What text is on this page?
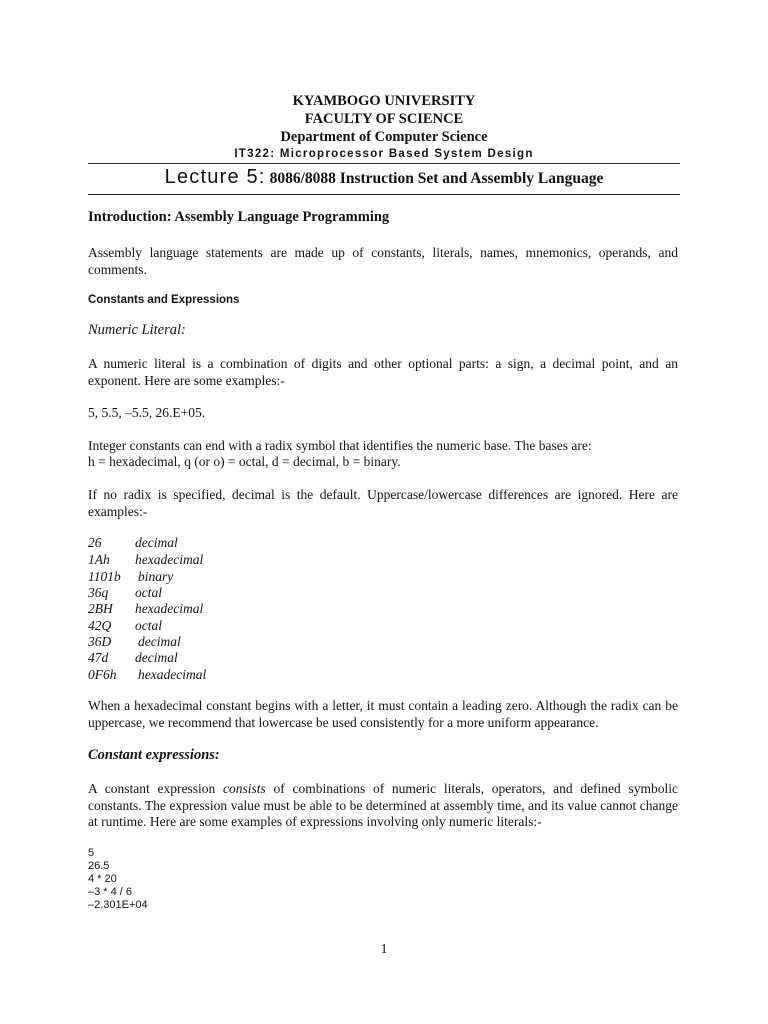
KYAMBOGO UNIVERSITY
FACULTY OF SCIENCE
Department of Computer Science
IT322: Microprocessor Based System Design
Lecture 5: 8086/8088 Instruction Set and Assembly Language
Introduction: Assembly Language Programming
Assembly language statements are made up of constants, literals, names, mnemonics, operands, and comments.
Constants and Expressions
Numeric Literal:
A numeric literal is a combination of digits and other optional parts: a sign, a decimal point, and an exponent. Here are some examples:-
5, 5.5, –5.5, 26.E+05.
Integer constants can end with a radix symbol that identifies the numeric base. The bases are:
h = hexadecimal, q (or o) = octal, d = decimal, b = binary.
If no radix is specified, decimal is the default. Uppercase/lowercase differences are ignored. Here are examples:-
26 decimal
1Ah hexadecimal
1101b binary
36q octal
2BH hexadecimal
42Q octal
36D decimal
47d decimal
0F6h hexadecimal
When a hexadecimal constant begins with a letter, it must contain a leading zero. Although the radix can be uppercase, we recommend that lowercase be used consistently for a more uniform appearance.
Constant expressions:
A constant expression consists of combinations of numeric literals, operators, and defined symbolic constants. The expression value must be able to be determined at assembly time, and its value cannot change at runtime. Here are some examples of expressions involving only numeric literals:-
5
26.5
4 * 20
–3 * 4 / 6
–2.301E+04
1
